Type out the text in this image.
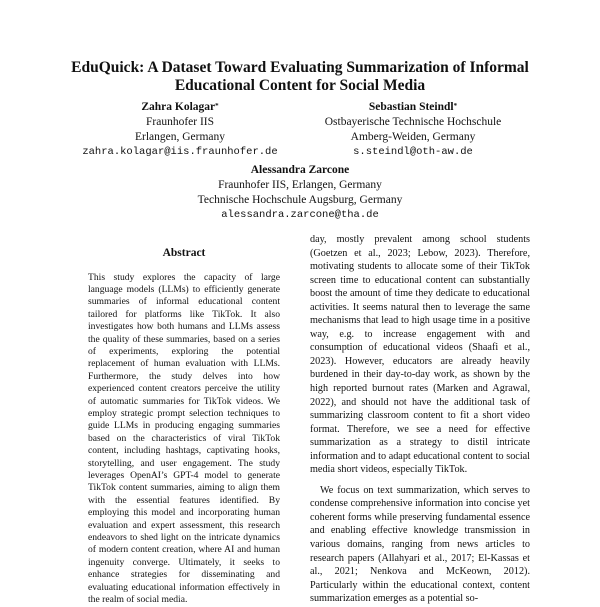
EduQuick: A Dataset Toward Evaluating Summarization of Informal
Educational Content for Social Media
Zahra Kolagar*
Fraunhofer IIS
Erlangen, Germany
zahra.kolagar@iis.fraunhofer.de
Sebastian Steindl*
Ostbayerische Technische Hochschule
Amberg-Weiden, Germany
s.steindl@oth-aw.de
Alessandra Zarcone
Fraunhofer IIS, Erlangen, Germany
Technische Hochschule Augsburg, Germany
alessandra.zarcone@tha.de
Abstract

This study explores the capacity of large language models (LLMs) to efficiently generate summaries of informal educational content tailored for platforms like TikTok. It also investigates how both humans and LLMs assess the quality of these summaries, based on a series of experiments, exploring the potential replacement of human evaluation with LLMs. Furthermore, the study delves into how experienced content creators perceive the utility of automatic summaries for TikTok videos. We employ strategic prompt selection techniques to guide LLMs in producing engaging summaries based on the characteristics of viral TikTok content, including hashtags, captivating hooks, storytelling, and user engagement. The study leverages OpenAI’s GPT-4 model to generate TikTok content summaries, aiming to align them with the essential features identified. By employing this model and incorporating human evaluation and expert assessment, this research endeavors to shed light on the intricate dynamics of modern content creation, where AI and human ingenuity converge. Ultimately, it seeks to enhance strategies for disseminating and evaluating educational information effectively in the realm of social media.

day, mostly prevalent among school students (Goetzen et al., 2023; Lebow, 2023). Therefore, motivating students to allocate some of their TikTok screen time to educational content can substantially boost the amount of time they dedicate to educational activities. It seems natural then to leverage the same mechanisms that lead to high usage time in a positive way, e.g. to increase engagement with and consumption of educational videos (Shaafi et al., 2023). However, educators are already heavily burdened in their day-to-day work, as shown by the high reported burnout rates (Marken and Agrawal, 2022), and should not have the additional task of summarizing classroom content to fit a short video format. Therefore, we see a need for effective summarization as a strategy to distil intricate information and to adapt educational content to social media short videos, especially TikTok.

We focus on text summarization, which serves to condense comprehensive information into concise yet coherent forms while preserving fundamental essence and enabling effective knowledge transmission in various domains, ranging from news articles to research papers (Allahyari et al., 2017; El-Kassas et al., 2021; Nenkova and McKeown, 2012). Particularly within the educational context, content summarization emerges as a potential so-
